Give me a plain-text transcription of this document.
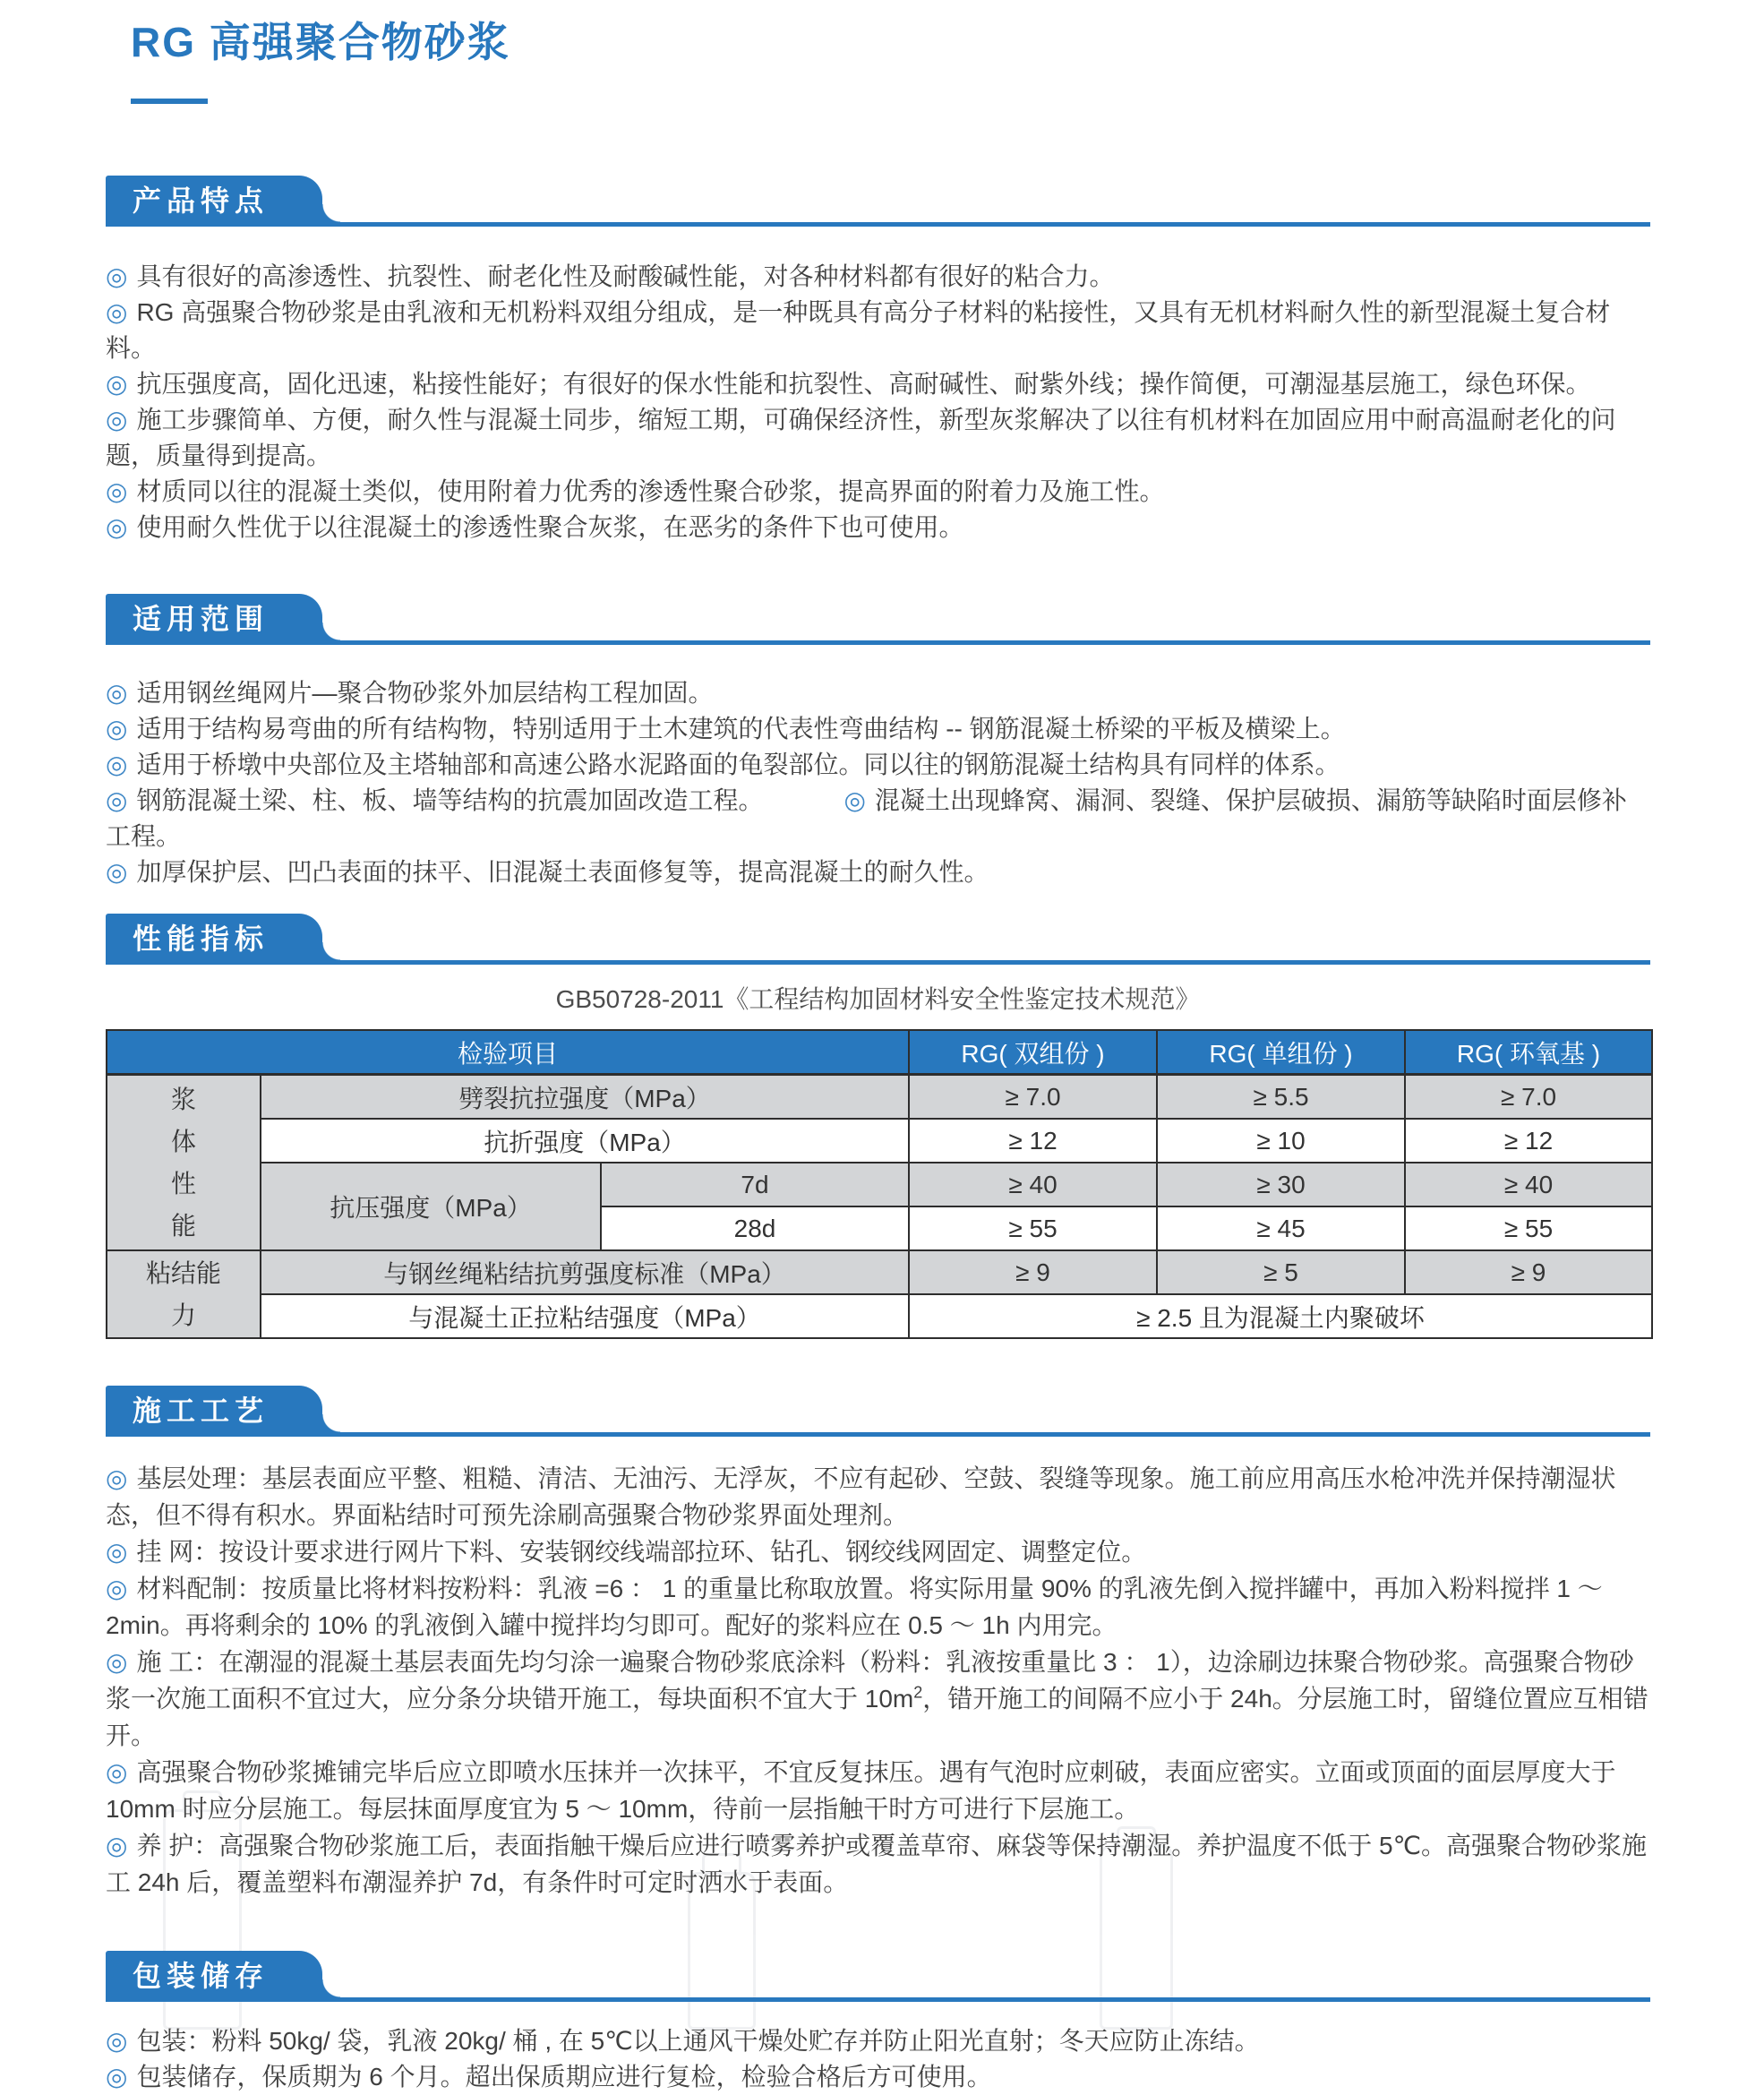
RG 高强聚合物砂浆
产品特点

◎ 具有很好的高渗透性、抗裂性、耐老化性及耐酸碱性能，对各种材料都有很好的粘合力。

◎ RG 高强聚合物砂浆是由乳液和无机粉料双组分组成，是一种既具有高分子材料的粘接性，又具有无机材料耐久性的新型混凝土复合材料。

◎ 抗压强度高，固化迅速，粘接性能好；有很好的保水性能和抗裂性、高耐碱性、耐紫外线；操作简便，可潮湿基层施工，绿色环保。

◎ 施工步骤简单、方便，耐久性与混凝土同步，缩短工期，可确保经济性，新型灰浆解决了以往有机材料在加固应用中耐高温耐老化的问题，质量得到提高。

◎ 材质同以往的混凝土类似，使用附着力优秀的渗透性聚合砂浆，提高界面的附着力及施工性。

◎ 使用耐久性优于以往混凝土的渗透性聚合灰浆，在恶劣的条件下也可使用。

适用范围

◎ 适用钢丝绳网片—聚合物砂浆外加层结构工程加固。

◎ 适用于结构易弯曲的所有结构物，特别适用于土木建筑的代表性弯曲结构 -- 钢筋混凝土桥梁的平板及横梁上。

◎ 适用于桥墩中央部位及主塔轴部和高速公路水泥路面的龟裂部位。同以往的钢筋混凝土结构具有同样的体系。

◎ 钢筋混凝土梁、柱、板、墙等结构的抗震加固改造工程。	◎ 混凝土出现蜂窝、漏洞、裂缝、保护层破损、漏筋等缺陷时面层修补工程。

◎ 加厚保护层、凹凸表面的抹平、旧混凝土表面修复等，提高混凝土的耐久性。

性能指标
GB50728-2011《工程结构加固材料安全性鉴定技术规范》
检验项目			RG( 双组份 )	RG( 单组份 )	RG( 环氧基 )
浆体性能	劈裂抗拉强度（MPa）		≥ 7.0	≥ 5.5	≥ 7.0
	抗折强度（MPa）		≥ 12	≥ 10	≥ 12
	抗压强度（MPa）	7d	≥ 40	≥ 30	≥ 40
		28d	≥ 55	≥ 45	≥ 55
粘结能力	与钢丝绳粘结抗剪强度标准（MPa）		≥ 9	≥ 5	≥ 9
	与混凝土正拉粘结强度（MPa）		≥ 2.5 且为混凝土内聚破坏		
施工工艺

◎ 基层处理：基层表面应平整、粗糙、清洁、无油污、无浮灰，不应有起砂、空鼓、裂缝等现象。施工前应用高压水枪冲洗并保持潮湿状态，但不得有积水。界面粘结时可预先涂刷高强聚合物砂浆界面处理剂。

◎ 挂 网：按设计要求进行网片下料、安装钢绞线端部拉环、钻孔、钢绞线网固定、调整定位。

◎ 材料配制：按质量比将材料按粉料：乳液 =6 ： 1 的重量比称取放置。将实际用量 90% 的乳液先倒入搅拌罐中，再加入粉料搅拌 1 ～ 2min。再将剩余的 10% 的乳液倒入罐中搅拌均匀即可。配好的浆料应在 0.5 ～ 1h 内用完。

◎ 施 工：在潮湿的混凝土基层表面先均匀涂一遍聚合物砂浆底涂料（粉料：乳液按重量比 3 ： 1），边涂刷边抹聚合物砂浆。高强聚合物砂浆一次施工面积不宜过大，应分条分块错开施工，每块面积不宜大于 $10m^2$，错开施工的间隔不应小于 24h。分层施工时，留缝位置应互相错开。

◎ 高强聚合物砂浆摊铺完毕后应立即喷水压抹并一次抹平，不宜反复抹压。遇有气泡时应刺破，表面应密实。立面或顶面的面层厚度大于 10mm 时应分层施工。每层抹面厚度宜为 5 ～ 10mm，待前一层指触干时方可进行下层施工。

◎ 养 护：高强聚合物砂浆施工后，表面指触干燥后应进行喷雾养护或覆盖草帘、麻袋等保持潮湿。养护温度不低于 5℃。高强聚合物砂浆施工 24h 后，覆盖塑料布潮湿养护 7d，有条件时可定时洒水于表面。

包装储存

◎ 包装：粉料 50kg/ 袋，乳液 20kg/ 桶 , 在 5℃以上通风干燥处贮存并防止阳光直射；冬天应防止冻结。

◎ 包装储存，保质期为 6 个月。超出保质期应进行复检，检验合格后方可使用。
